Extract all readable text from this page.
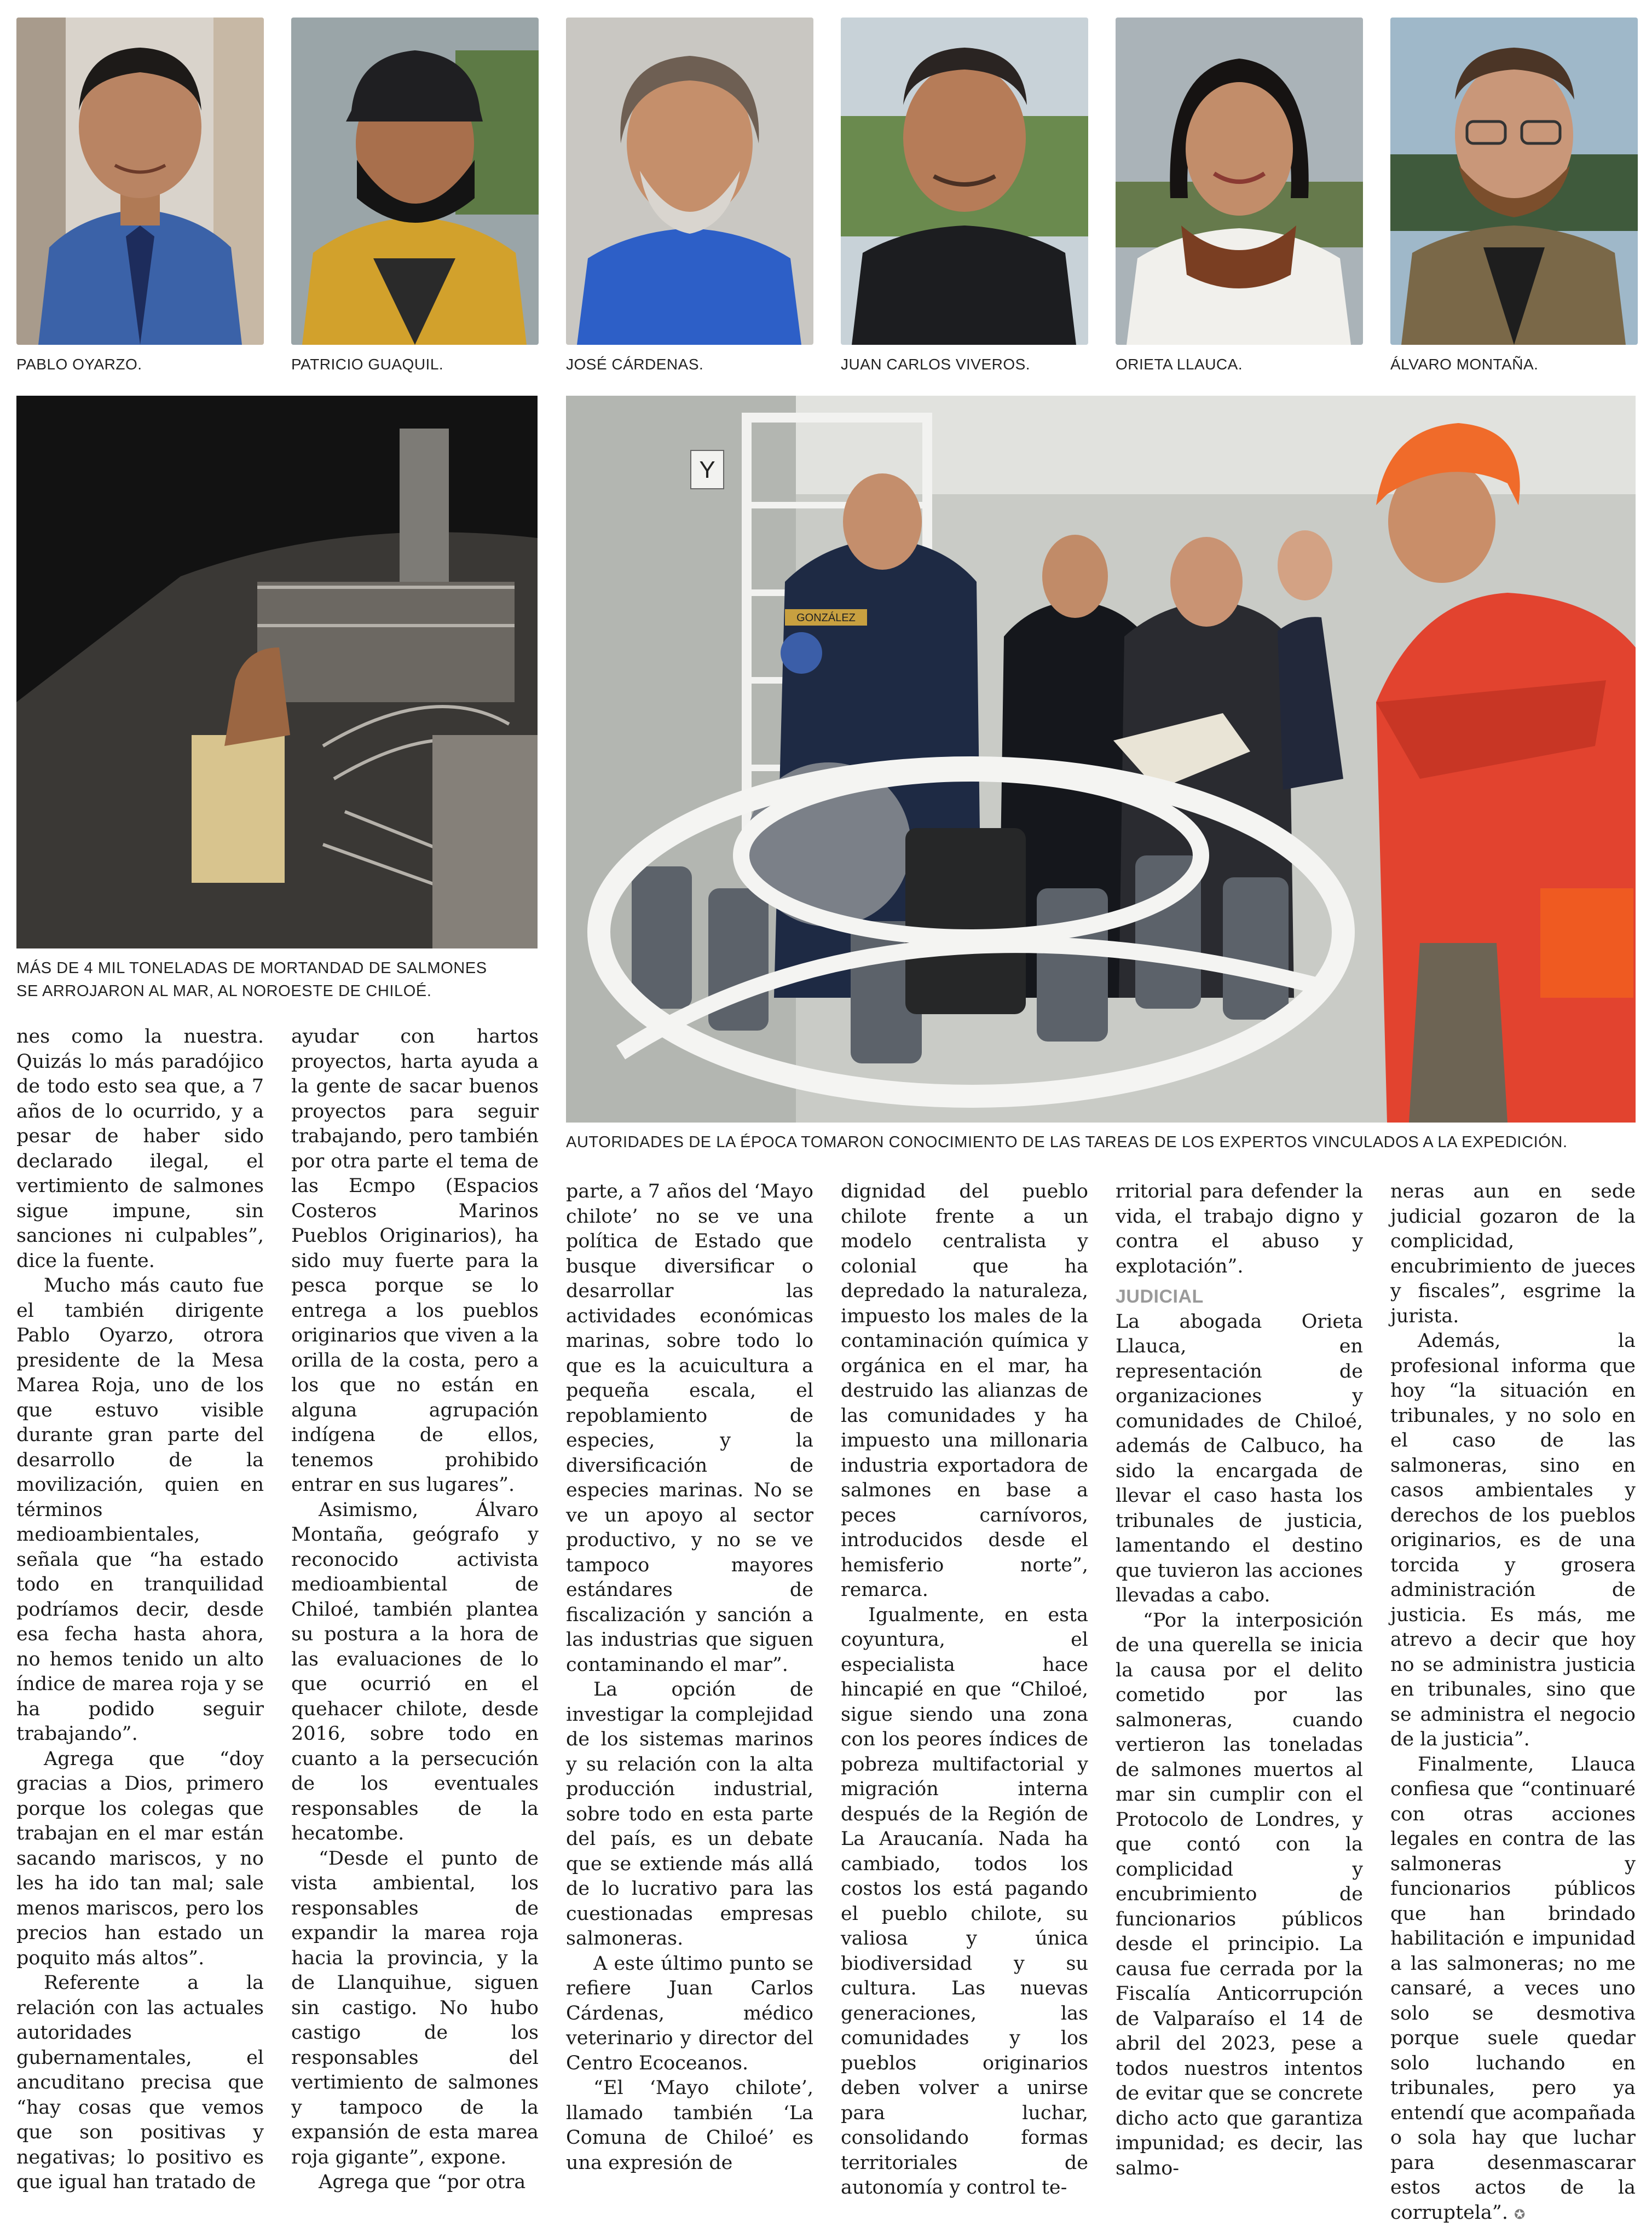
PABLO OYARZO.	PATRICIO GUAQUIL.	JOSÉ CÁRDENAS.	JUAN CARLOS VIVEROS.	ORIETA LLAUCA.	ÁLVARO MONTAÑA.
MÁS DE 4 MIL TONELADAS DE MORTANDAD DE SALMONES SE ARROJARON AL MAR, AL NOROESTE DE CHILOÉ.
Y
GONZÁLEZ
AUTORIDADES DE LA ÉPOCA TOMARON CONOCIMIENTO DE LAS TAREAS DE LOS EXPERTOS VINCULADOS A LA EXPEDICIÓN.

nes como la nuestra. Quizás lo más paradójico de todo esto sea que, a 7 años de lo ocurrido, y a pesar de haber sido declarado ilegal, el vertimiento de salmones sigue impune, sin sanciones ni culpables”, dice la fuente.

Mucho más cauto fue el también dirigente Pablo Oyarzo, otrora presidente de la Mesa Marea Roja, uno de los que estuvo visible durante gran parte del desarrollo de la movilización, quien en términos medioambientales, señala que “ha estado todo en tranquilidad podríamos decir, desde esa fecha hasta ahora, no hemos tenido un alto índice de marea roja y se ha podido seguir trabajando”.

Agrega que “doy gracias a Dios, primero porque los colegas que trabajan en el mar están sacando mariscos, y no les ha ido tan mal; sale menos mariscos, pero los precios han estado un poquito más altos”.

Referente a la relación con las actuales autoridades gubernamentales, el ancuditano precisa que “hay cosas que vemos que son positivas y negativas; lo positivo es que igual han tratado de

ayudar con hartos proyectos, harta ayuda a la gente de sacar buenos proyectos para seguir trabajando, pero también por otra parte el tema de las Ecmpo (Espacios Costeros Marinos Pueblos Originarios), ha sido muy fuerte para la pesca porque se lo entrega a los pueblos originarios que viven a la orilla de la costa, pero a los que no están en alguna agrupación indígena de ellos, tenemos prohibido entrar en sus lugares”.

Asimismo, Álvaro Montaña, geógrafo y reconocido activista medioambiental de Chiloé, también plantea su postura a la hora de las evaluaciones de lo que ocurrió en el quehacer chilote, desde 2016, sobre todo en cuanto a la persecución de los eventuales responsables de la hecatombe.

“Desde el punto de vista ambiental, los responsables de expandir la marea roja hacia la provincia, y la de Llanquihue, siguen sin castigo. No hubo castigo de los responsables del vertimiento de salmones y tampoco de la expansión de esta marea roja gigante”, expone.

Agrega que “por otra

parte, a 7 años del ‘Mayo chilote’ no se ve una política de Estado que busque diversificar o desarrollar las actividades económicas marinas, sobre todo lo que es la acuicultura a pequeña escala, el repoblamiento de especies, y la diversificación de especies marinas. No se ve un apoyo al sector productivo, y no se ve tampoco mayores estándares de fiscalización y sanción a las industrias que siguen contaminando el mar”.

La opción de investigar la complejidad de los sistemas marinos y su relación con la alta producción industrial, sobre todo en esta parte del país, es un debate que se extiende más allá de lo lucrativo para las cuestionadas empresas salmoneras.

A este último punto se refiere Juan Carlos Cárdenas, médico veterinario y director del Centro Ecoceanos.

“El ‘Mayo chilote’, llamado también ‘La Comuna de Chiloé’ es una expresión de

dignidad del pueblo chilote frente a un modelo centralista y colonial que ha depredado la naturaleza, impuesto los males de la contaminación química y orgánica en el mar, ha destruido las alianzas de las comunidades y ha impuesto una millonaria industria exportadora de salmones en base a peces carnívoros, introducidos desde el hemisferio norte”, remarca.

Igualmente, en esta coyuntura, el especialista hace hincapié en que “Chiloé, sigue siendo una zona con los peores índices de pobreza multifactorial y migración interna después de la Región de La Araucanía. Nada ha cambiado, todos los costos los está pagando el pueblo chilote, su valiosa y única biodiversidad y su cultura. Las nuevas generaciones, las comunidades y los pueblos originarios deben volver a unirse para luchar, consolidando formas territoriales de autonomía y control te-

rritorial para defender la vida, el trabajo digno y contra el abuso y explotación”.

JUDICIAL

La abogada Orieta Llauca, en representación de organizaciones y comunidades de Chiloé, además de Calbuco, ha sido la encargada de llevar el caso hasta los tribunales de justicia, lamentando el destino que tuvieron las acciones llevadas a cabo.

“Por la interposición de una querella se inicia la causa por el delito cometido por las salmoneras, cuando vertieron las toneladas de salmones muertos al mar sin cumplir con el Protocolo de Londres, y que contó con la complicidad y encubrimiento de funcionarios públicos desde el principio. La causa fue cerrada por la Fiscalía Anticorrupción de Valparaíso el 14 de abril del 2023, pese a todos nuestros intentos de evitar que se concrete dicho acto que garantiza impunidad; es decir, las salmo-

neras aun en sede judicial gozaron de la complicidad, encubrimiento de jueces y fiscales”, esgrime la jurista.

Además, la profesional informa que hoy “la situación en tribunales, y no solo en el caso de las salmoneras, sino en casos ambientales y derechos de los pueblos originarios, es de una torcida y grosera administración de justicia. Es más, me atrevo a decir que hoy no se administra justicia en tribunales, sino que se administra el negocio de la justicia”.

Finalmente, Llauca confiesa que “continuaré con otras acciones legales en contra de las salmoneras y funcionarios públicos que han brindado habilitación e impunidad a las salmoneras; no me cansaré, a veces uno solo se desmotiva porque suele quedar solo luchando en tribunales, pero ya entendí que acompañada o sola hay que luchar para desenmascarar estos actos de la corruptela”. ✪
